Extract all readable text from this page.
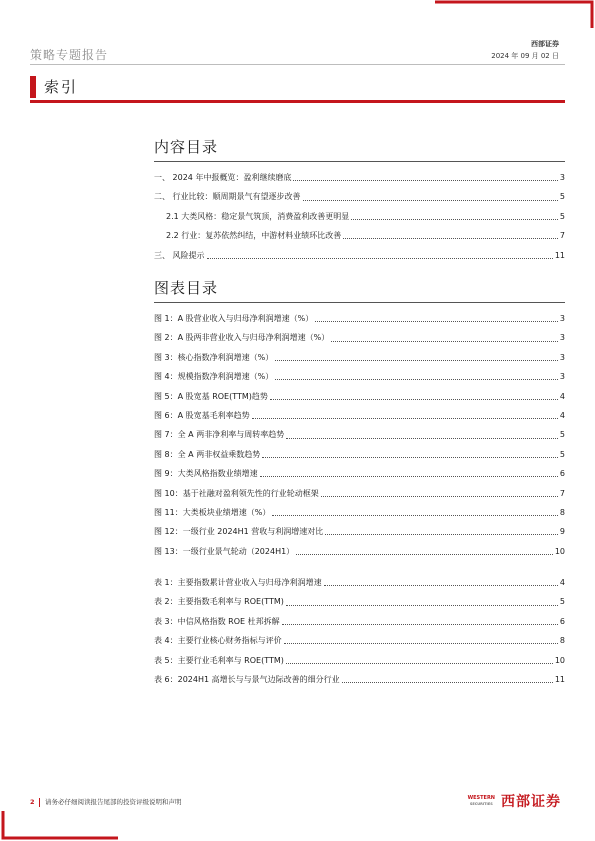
策略专题报告
西部证券
2024 年 09 月 02 日
索引
内容目录
一、 2024 年中报概览：盈利继续磨底	3
二、 行业比较：顺周期景气有望逐步改善	5
2.1 大类风格：稳定景气筑顶，消费盈利改善更明显	5
2.2 行业：复苏依然纠结，中游材料业绩环比改善	7
三、 风险提示	11
图表目录
图 1：A 股营业收入与归母净利润增速（%）	3
图 2：A 股两非营业收入与归母净利润增速（%）	3
图 3：核心指数净利润增速（%）	3
图 4：规模指数净利润增速（%）	3
图 5：A 股宽基 ROE(TTM)趋势	4
图 6：A 股宽基毛利率趋势	4
图 7：全 A 两非净利率与周转率趋势	5
图 8：全 A 两非权益乘数趋势	5
图 9：大类风格指数业绩增速	6
图 10：基于社融对盈利领先性的行业轮动框架	7
图 11：大类板块业绩增速（%）	8
图 12：一级行业 2024H1 营收与利润增速对比	9
图 13：一级行业景气轮动（2024H1）	10
表 1：主要指数累计营业收入与归母净利润增速	4
表 2：主要指数毛利率与 ROE(TTM)	5
表 3：中信风格指数 ROE 杜邦拆解	6
表 4：主要行业核心财务指标与评价	8
表 5：主要行业毛利率与 ROE(TTM)	10
表 6：2024H1 高增长与与景气边际改善的细分行业	11
2 请务必仔细阅读报告尾部的投资评级说明和声明	WESTERN
SECURITIES 西部证券
